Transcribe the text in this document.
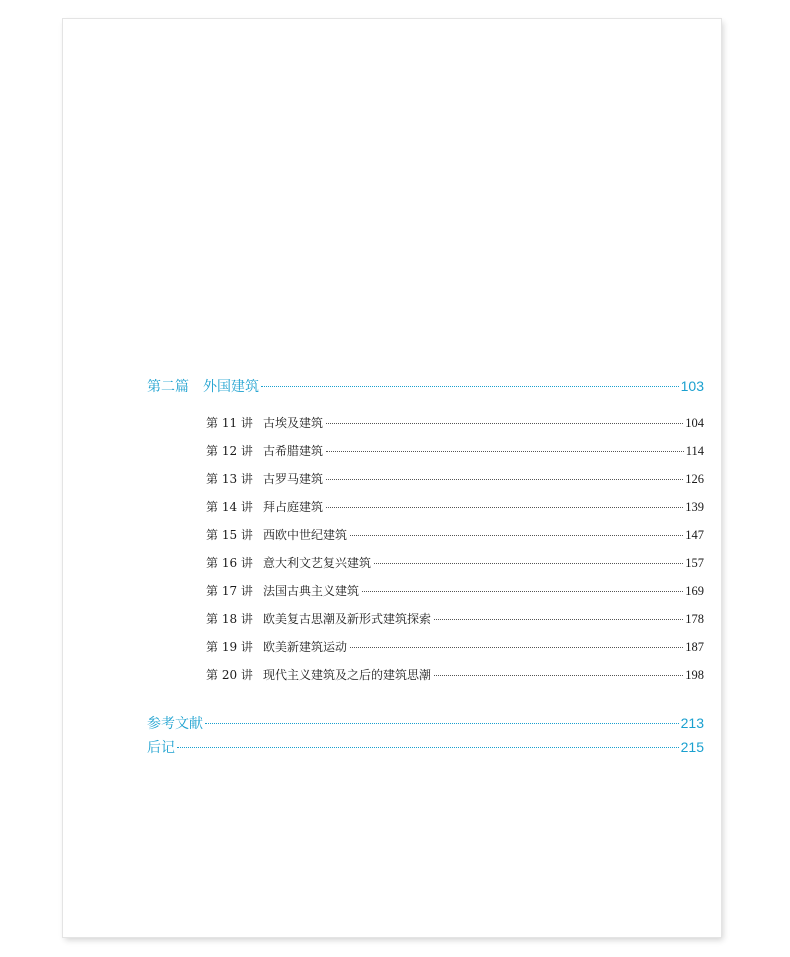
第二篇 外国建筑	103
第 11 讲 古埃及建筑	104
第 12 讲 古希腊建筑	114
第 13 讲 古罗马建筑	126
第 14 讲 拜占庭建筑	139
第 15 讲 西欧中世纪建筑	147
第 16 讲 意大利文艺复兴建筑	157
第 17 讲 法国古典主义建筑	169
第 18 讲 欧美复古思潮及新形式建筑探索	178
第 19 讲 欧美新建筑运动	187
第 20 讲 现代主义建筑及之后的建筑思潮	198
参考文献	213
后记	215
